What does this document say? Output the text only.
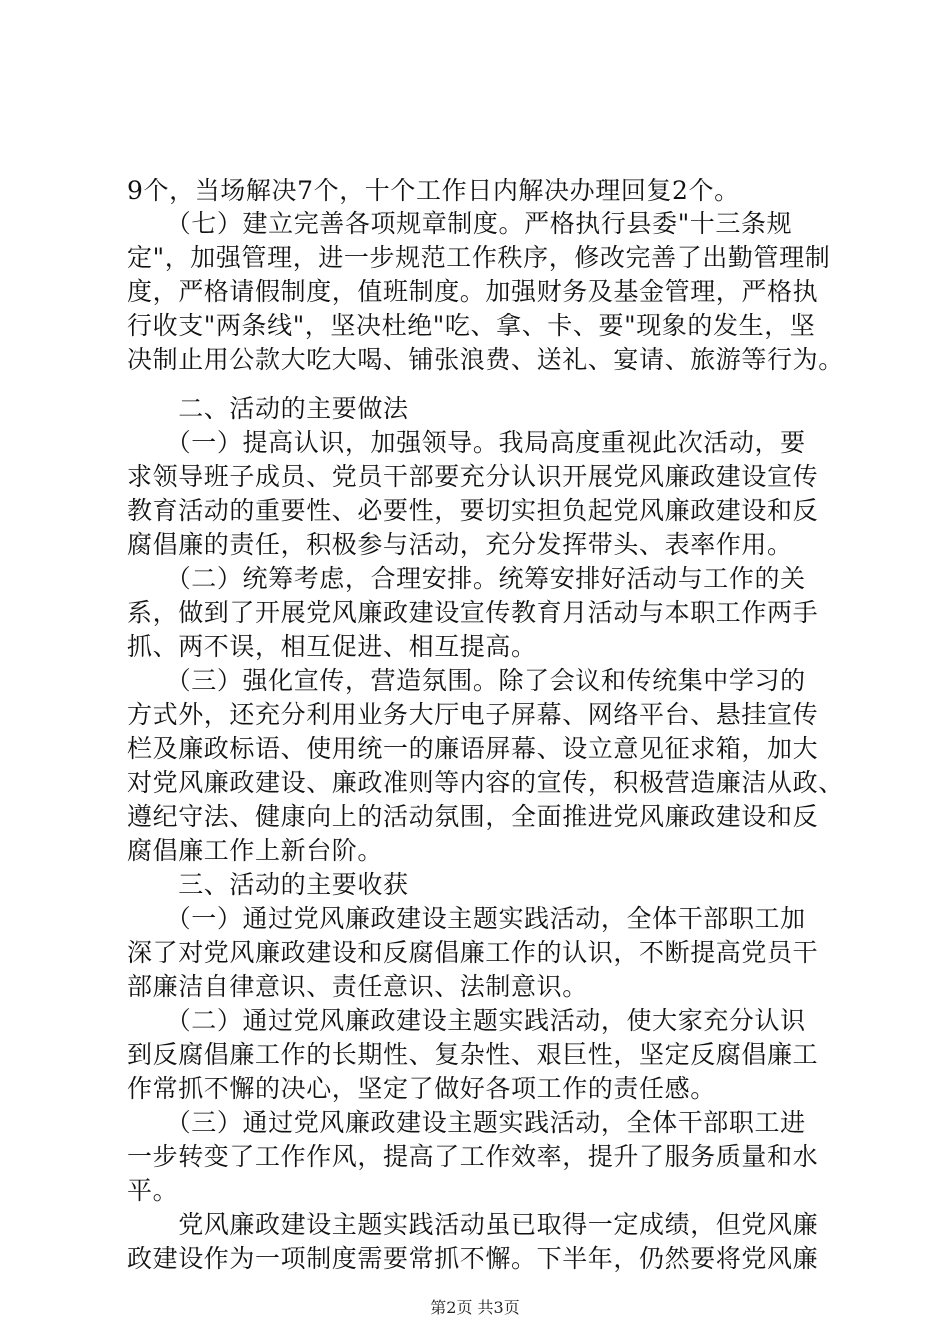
9个，当场解决7个，十个工作日内解决办理回复2个。
　　（七）建立完善各项规章制度。严格执行县委"十三条规
定"，加强管理，进一步规范工作秩序，修改完善了出勤管理制
度，严格请假制度，值班制度。加强财务及基金管理，严格执
行收支"两条线"，坚决杜绝"吃、拿、卡、要"现象的发生，坚
决制止用公款大吃大喝、铺张浪费、送礼、宴请、旅游等行为。
　　二、活动的主要做法
　　（一）提高认识，加强领导。我局高度重视此次活动，要
求领导班子成员、党员干部要充分认识开展党风廉政建设宣传
教育活动的重要性、必要性，要切实担负起党风廉政建设和反
腐倡廉的责任，积极参与活动，充分发挥带头、表率作用。
　　（二）统筹考虑，合理安排。统筹安排好活动与工作的关
系，做到了开展党风廉政建设宣传教育月活动与本职工作两手
抓、两不误，相互促进、相互提高。
　　（三）强化宣传，营造氛围。除了会议和传统集中学习的
方式外，还充分利用业务大厅电子屏幕、网络平台、悬挂宣传
栏及廉政标语、使用统一的廉语屏幕、设立意见征求箱，加大
对党风廉政建设、廉政准则等内容的宣传，积极营造廉洁从政、
遵纪守法、健康向上的活动氛围，全面推进党风廉政建设和反
腐倡廉工作上新台阶。
　　三、活动的主要收获
　　（一）通过党风廉政建设主题实践活动，全体干部职工加
深了对党风廉政建设和反腐倡廉工作的认识，不断提高党员干
部廉洁自律意识、责任意识、法制意识。
　　（二）通过党风廉政建设主题实践活动，使大家充分认识
到反腐倡廉工作的长期性、复杂性、艰巨性，坚定反腐倡廉工
作常抓不懈的决心，坚定了做好各项工作的责任感。
　　（三）通过党风廉政建设主题实践活动，全体干部职工进
一步转变了工作作风，提高了工作效率，提升了服务质量和水
平。
　　党风廉政建设主题实践活动虽已取得一定成绩，但党风廉
政建设作为一项制度需要常抓不懈。下半年，仍然要将党风廉
第2页 共3页
